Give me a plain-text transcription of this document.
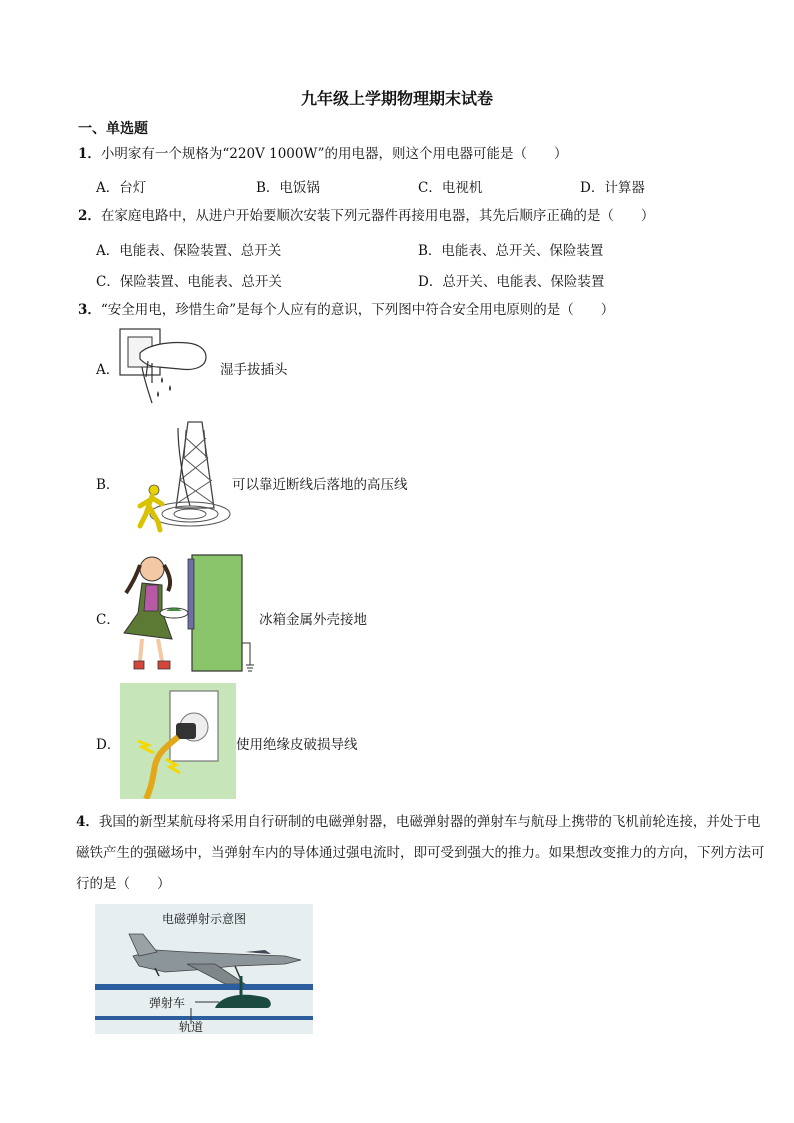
九年级上学期物理期末试卷
一、单选题
1．小明家有一个规格为“220V 1000W”的用电器，则这个用电器可能是（　　）
A．台灯	B．电饭锅	C．电视机	D．计算器
2．在家庭电路中，从进户开始要顺次安装下列元器件再接用电器，其先后顺序正确的是（　　）
A．电能表、保险装置、总开关	B．电能表、总开关、保险装置
C．保险装置、电能表、总开关	D．总开关、电能表、保险装置
3．“安全用电，珍惜生命”是每个人应有的意识，下列图中符合安全用电原则的是（　　）
A．	湿手拔插头
B．	可以靠近断线后落地的高压线
C．	冰箱金属外壳接地
D．	使用绝缘皮破损导线
4．我国的新型某航母将采用自行研制的电磁弹射器，电磁弹射器的弹射车与航母上携带的飞机前轮连接，并处于电磁铁产生的强磁场中，当弹射车内的导体通过强电流时，即可受到强大的推力。如果想改变推力的方向，下列方法可行的是（　　）
电磁弹射示意图
弹射车
轨道
